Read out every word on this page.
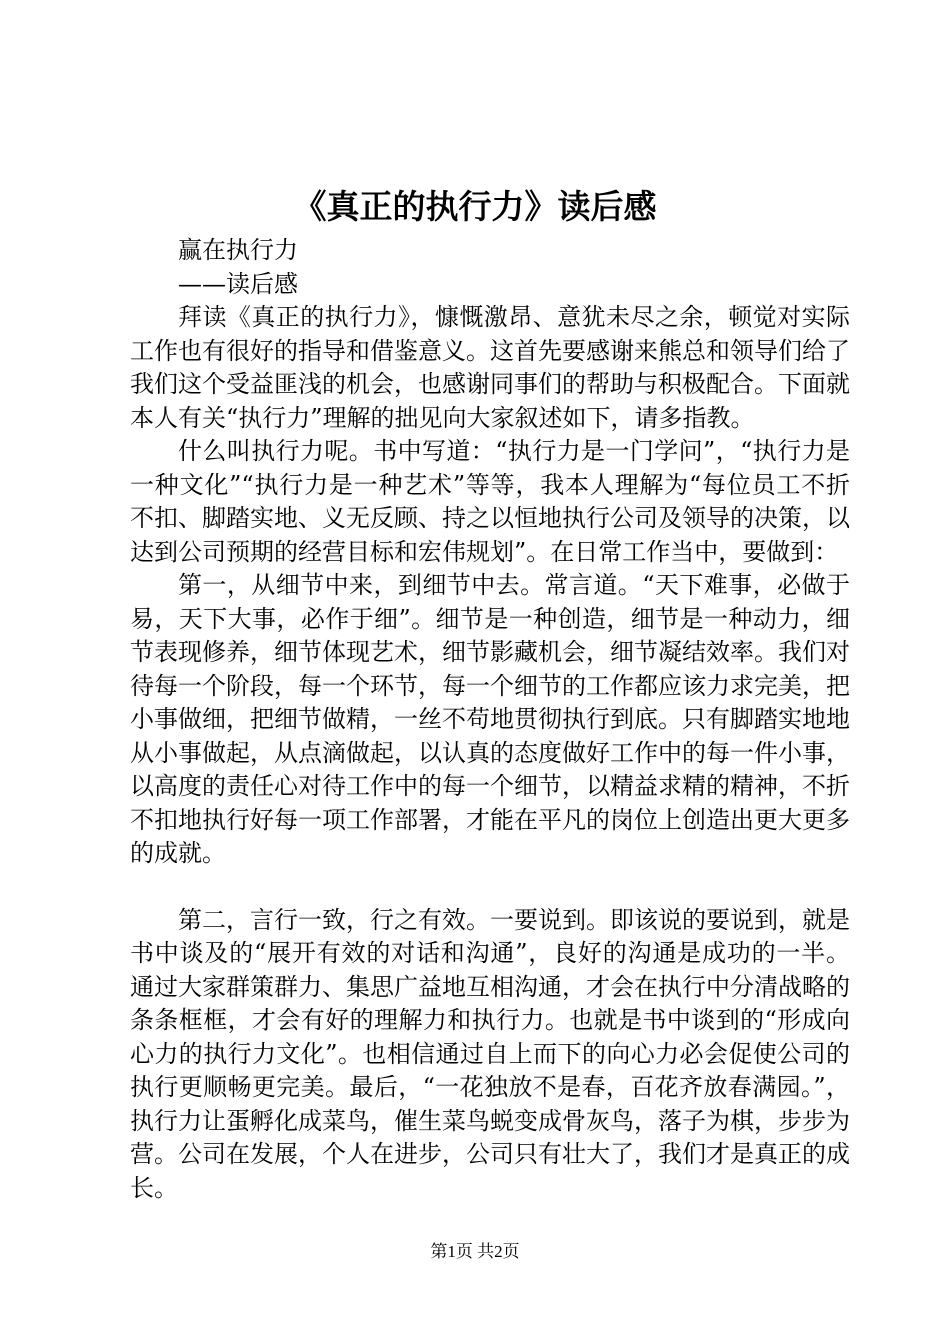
《真正的执行力》读后感

赢在执行力

——读后感

拜读《真正的执行力》，慷慨激昂、意犹未尽之余，顿觉对实际工作也有很好的指导和借鉴意义。这首先要感谢来熊总和领导们给了我们这个受益匪浅的机会，也感谢同事们的帮助与积极配合。下面就本人有关“执行力”理解的拙见向大家叙述如下，请多指教。

什么叫执行力呢。书中写道：“执行力是一门学问”，“执行力是一种文化”“执行力是一种艺术”等等，我本人理解为“每位员工不折不扣、脚踏实地、义无反顾、持之以恒地执行公司及领导的决策，以达到公司预期的经营目标和宏伟规划”。在日常工作当中，要做到：

第一，从细节中来，到细节中去。常言道。“天下难事，必做于易，天下大事，必作于细”。细节是一种创造，细节是一种动力，细节表现修养，细节体现艺术，细节影藏机会，细节凝结效率。我们对待每一个阶段，每一个环节，每一个细节的工作都应该力求完美，把小事做细，把细节做精，一丝不苟地贯彻执行到底。只有脚踏实地地从小事做起，从点滴做起，以认真的态度做好工作中的每一件小事，以高度的责任心对待工作中的每一个细节，以精益求精的精神，不折不扣地执行好每一项工作部署，才能在平凡的岗位上创造出更大更多的成就。

第二，言行一致，行之有效。一要说到。即该说的要说到，就是书中谈及的“展开有效的对话和沟通”，良好的沟通是成功的一半。通过大家群策群力、集思广益地互相沟通，才会在执行中分清战略的条条框框，才会有好的理解力和执行力。也就是书中谈到的“形成向心力的执行力文化”。也相信通过自上而下的向心力必会促使公司的执行更顺畅更完美。最后，“一花独放不是春，百花齐放春满园。”，执行力让蛋孵化成菜鸟，催生菜鸟蜕变成骨灰鸟，落子为棋，步步为营。公司在发展，个人在进步，公司只有壮大了，我们才是真正的成长。

第1页 共2页
